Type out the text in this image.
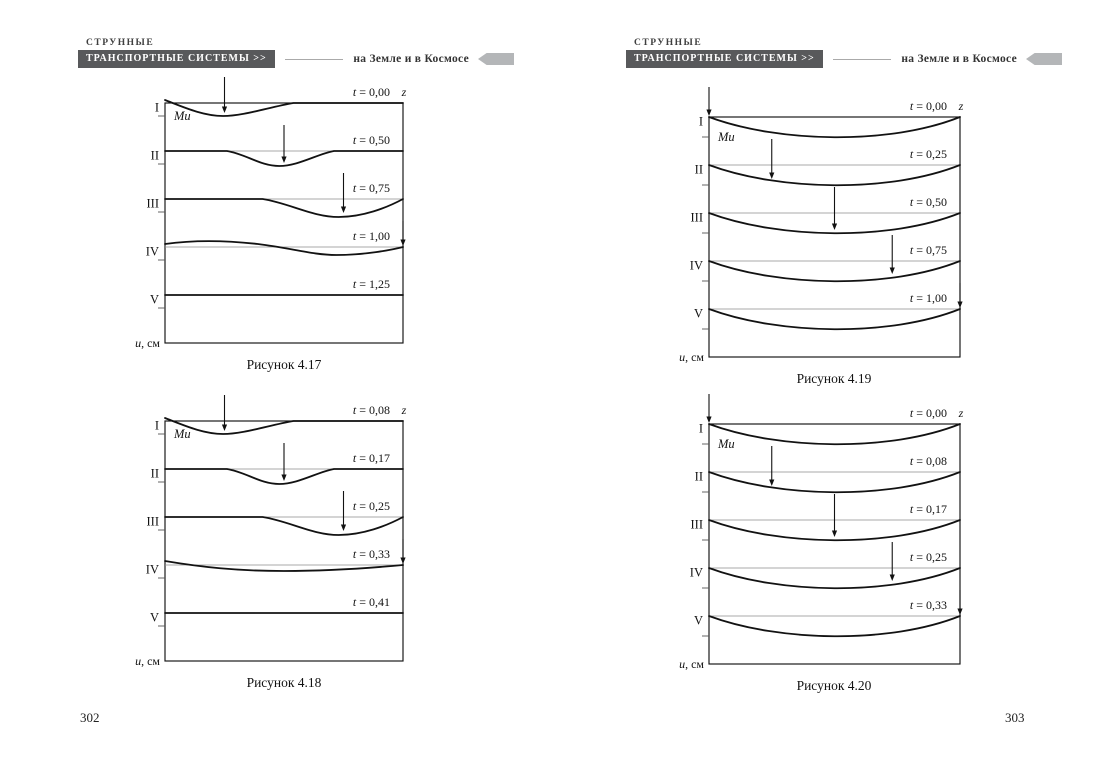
СТРУННЫЕ
ТРАНСПОРТНЫЕ СИСТЕМЫ >>	на Земле и в Космосе
СТРУННЫЕ
ТРАНСПОРТНЫЕ СИСТЕМЫ >>	на Земле и в Космосе
I
t = 0,00
II
t = 0,50
III
t = 0,75
IV
t = 1,00
V
t = 1,25
z
Mu
u, см
Рисунок 4.17
I
t = 0,08
II
t = 0,17
III
t = 0,25
IV
t = 0,33
V
t = 0,41
z
Mu
u, см
Рисунок 4.18
I
t = 0,00
II
t = 0,25
III
t = 0,50
IV
t = 0,75
V
t = 1,00
z
Mu
u, см
Рисунок 4.19
I
t = 0,00
II
t = 0,08
III
t = 0,17
IV
t = 0,25
V
t = 0,33
z
Mu
u, см
Рисунок 4.20
302	303
